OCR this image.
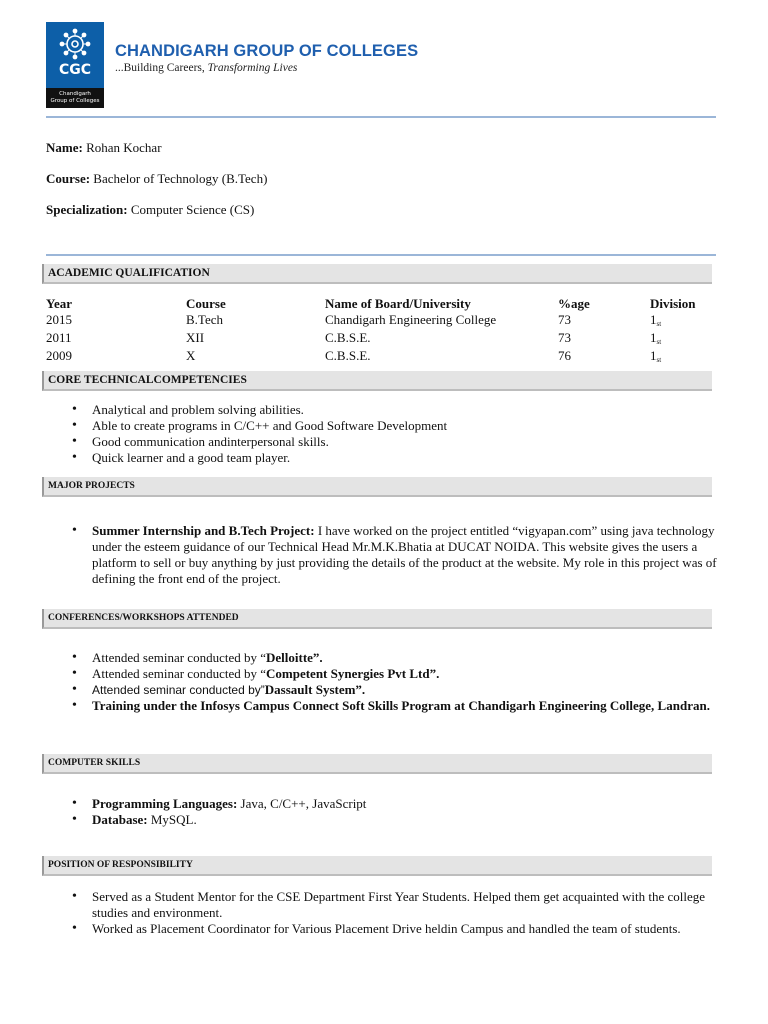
CGC
Chandigarh
Group of Colleges
CHANDIGARH GROUP OF COLLEGES
...Building Careers, Transforming Lives
Name: Rohan Kochar
Course: Bachelor of Technology (B.Tech)
Specialization: Computer Science (CS)
ACADEMIC QUALIFICATION
Year	Course	Name of Board/University	%age	Division
2015	B.Tech	Chandigarh Engineering College	73	1st
2011	XII	C.B.S.E.	73	1st
2009	X	C.B.S.E.	76	1st
CORE TECHNICALCOMPETENCIES
• Analytical and problem solving abilities.
• Able to create programs in C/C++ and Good Software Development
• Good communication andinterpersonal skills.
• Quick learner and a good team player.
MAJOR PROJECTS
• Summer Internship and B.Tech Project: I have worked on the project entitled “vigyapan.com” using java technology under the esteem guidance of our Technical Head Mr.M.K.Bhatia at DUCAT NOIDA. This website gives the users a platform to sell or buy anything by just providing the details of the product at the website. My role in this project was of defining the front end of the project.
CONFERENCES/WORKSHOPS ATTENDED
• Attended seminar conducted by “Delloitte”.
• Attended seminar conducted by “Competent Synergies Pvt Ltd”.
• Attended seminar conducted by”Dassault System”.
• Training under the Infosys Campus Connect Soft Skills Program at Chandigarh Engineering College, Landran.
COMPUTER SKILLS
• Programming Languages: Java, C/C++, JavaScript
• Database: MySQL.
POSITION OF RESPONSIBILITY
• Served as a Student Mentor for the CSE Department First Year Students. Helped them get acquainted with the college studies and environment.
• Worked as Placement Coordinator for Various Placement Drive heldin Campus and handled the team of students.
